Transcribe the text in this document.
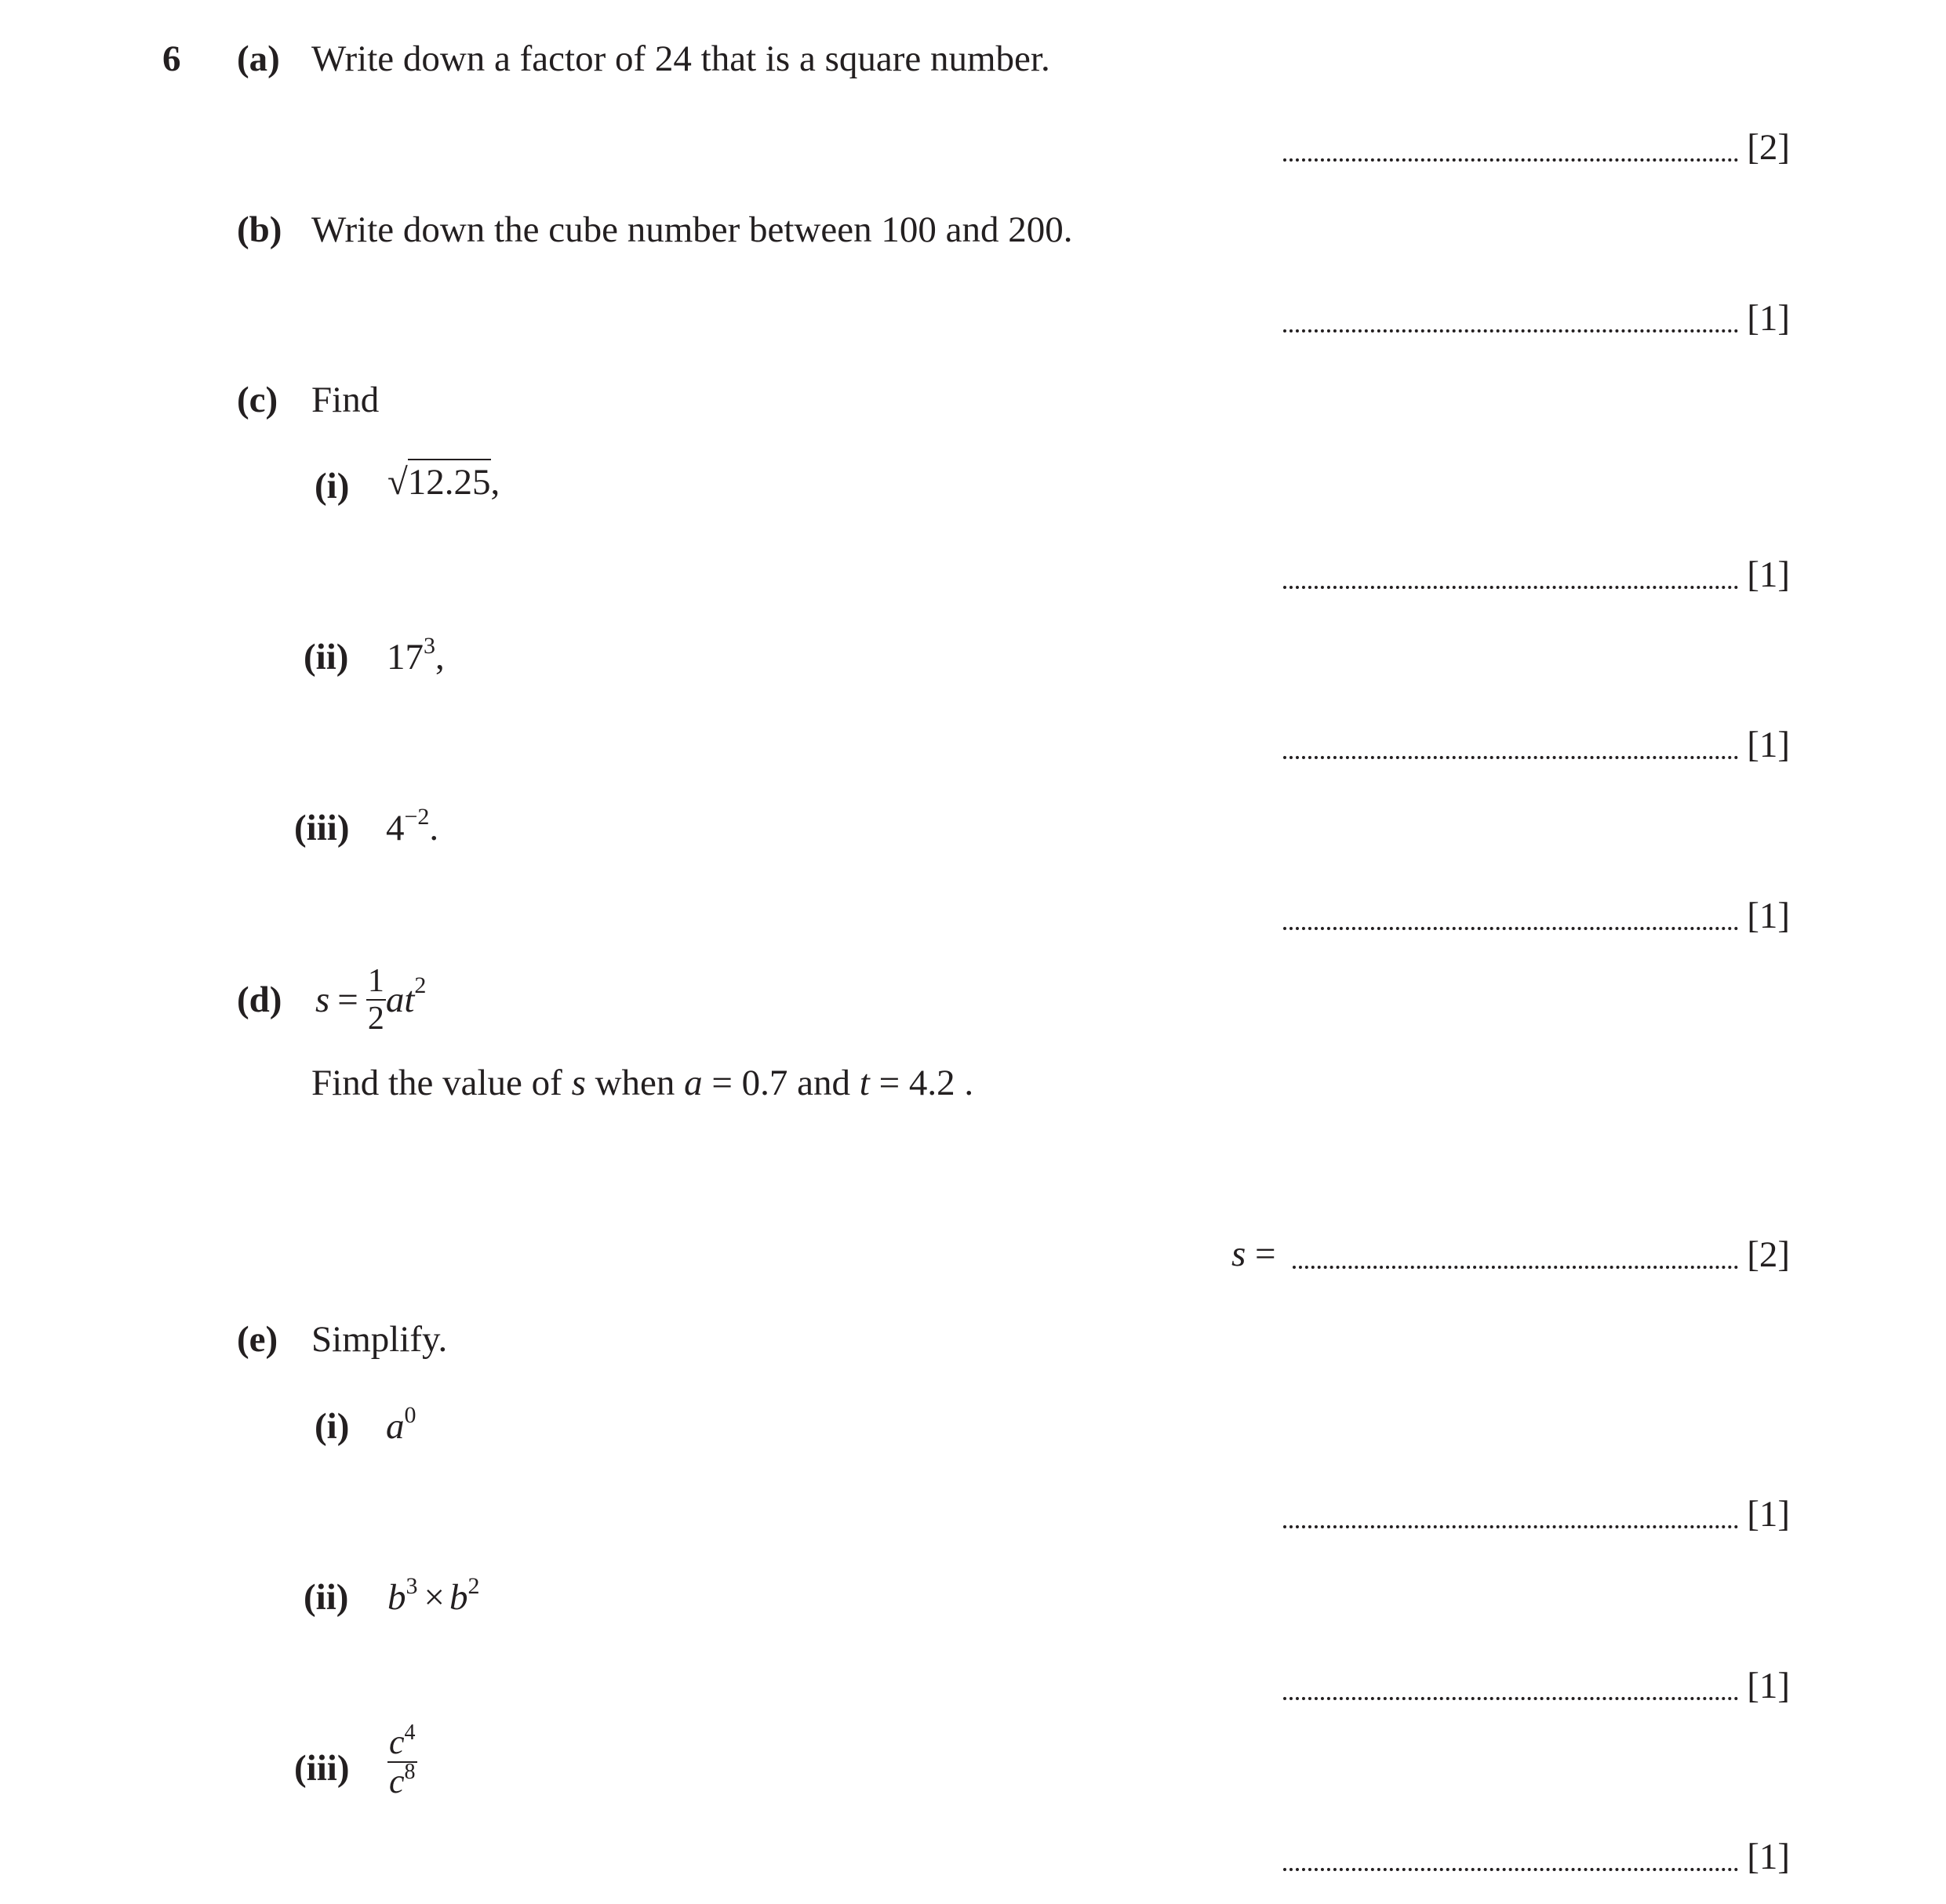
6 (a) Write down a factor of 24 that is a square number.
[2]
(b) Write down the cube number between 100 and 200.
[1]
(c) Find
(i) √12.25,
[1]
(ii) $17^3$,
[1]
(iii) $4^{-2}$.
[1]
(d) $s = \frac{1}{2}$ a $t^2$
Find the value of s when a = 0.7 and t = 4.2 .
s =	[2]
(e) Simplify.
(i) $a^0$
[1]
(ii) $b^3 \times b^2$
[1]
$(iii) \frac{c^4}{c^8}$
[1]
